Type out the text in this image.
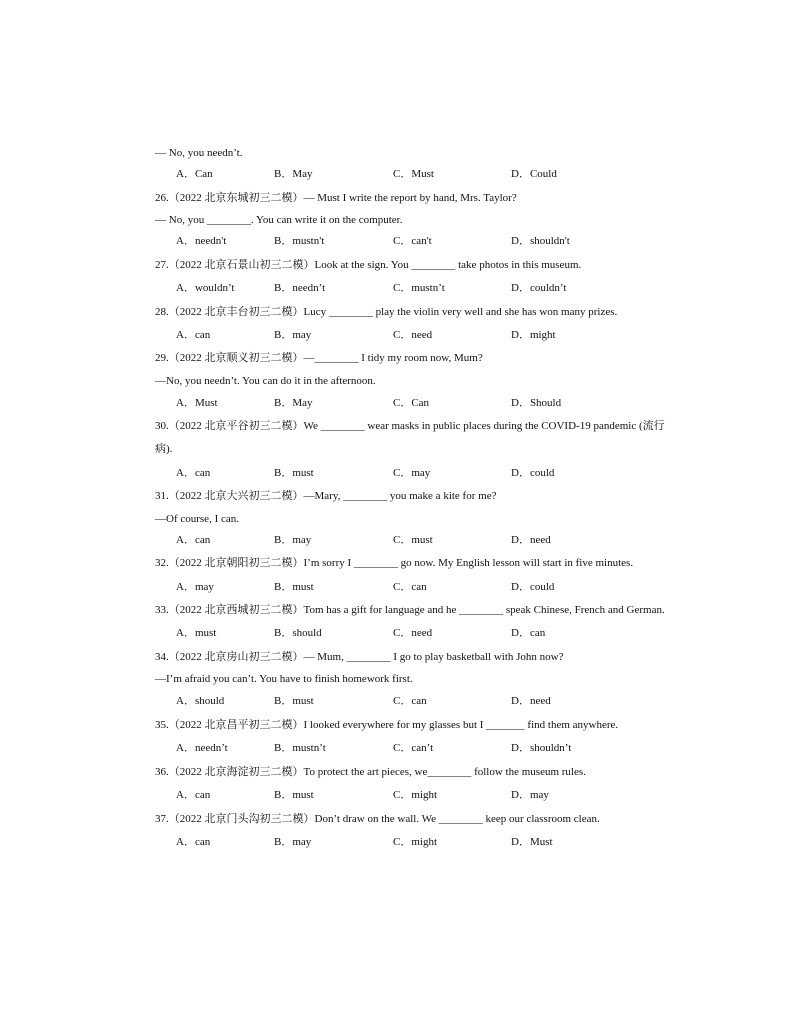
— No, you needn’t.
A．Can	B．May	C．Must	D．Could
26.（2022 北京东城初三二模）— Must I write the report by hand, Mrs. Taylor?
— No, you ________. You can write it on the computer.
A．needn't	B．mustn't	C．can't	D．shouldn't
27.（2022 北京石景山初三二模）Look at the sign. You ________ take photos in this museum.
A．wouldn’t	B．needn’t	C．mustn’t	D．couldn’t
28.（2022 北京丰台初三二模）Lucy ________ play the violin very well and she has won many prizes.
A．can	B．may	C．need	D．might
29.（2022 北京顺义初三二模）—________ I tidy my room now, Mum?
—No, you needn’t. You can do it in the afternoon.
A．Must	B．May	C．Can	D．Should
30.（2022 北京平谷初三二模）We ________ wear masks in public places during the COVID-19 pandemic (流行
病).
A．can	B．must	C．may	D．could
31.（2022 北京大兴初三二模）—Mary, ________ you make a kite for me?
—Of course, I can.
A．can	B．may	C．must	D．need
32.（2022 北京朝阳初三二模）I’m sorry I ________ go now. My English lesson will start in five minutes.
A．may	B．must	C．can	D．could
33.（2022 北京西城初三二模）Tom has a gift for language and he ________ speak Chinese, French and German.
A．must	B．should	C．need	D．can
34.（2022 北京房山初三二模）— Mum, ________ I go to play basketball with John now?
—I’m afraid you can’t. You have to finish homework first.
A．should	B．must	C．can	D．need
35.（2022 北京昌平初三二模）I looked everywhere for my glasses but I _______ find them anywhere.
A．needn’t	B．mustn’t	C．can’t	D．shouldn’t
36.（2022 北京海淀初三二模）To protect the art pieces, we________ follow the museum rules.
A．can	B．must	C．might	D．may
37.（2022 北京门头沟初三二模）Don’t draw on the wall. We ________ keep our classroom clean.
A．can	B．may	C．might	D．Must
